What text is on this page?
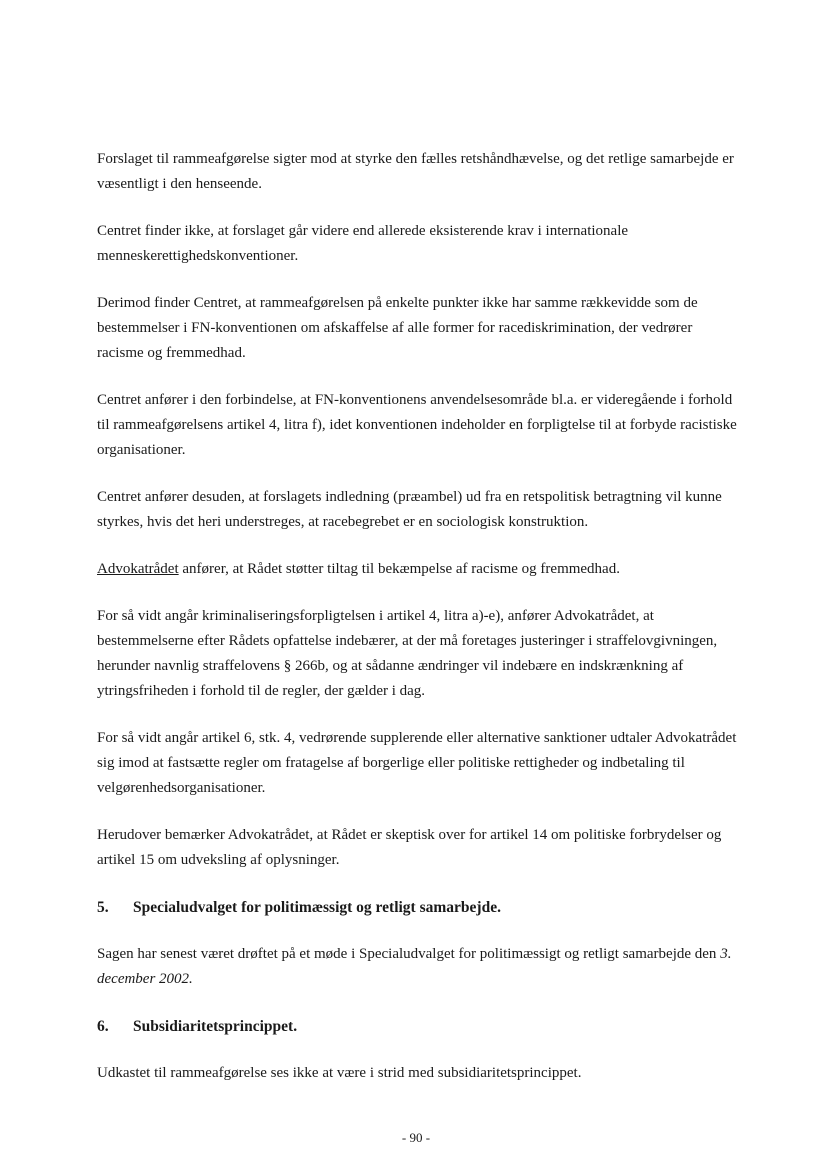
Forslaget til rammeafgørelse sigter mod at styrke den fælles retshåndhævelse, og det retlige samarbejde er væsentligt i den henseende.

Centret finder ikke, at forslaget går videre end allerede eksisterende krav i internationale menneskerettighedskonventioner.

Derimod finder Centret, at rammeafgørelsen på enkelte punkter ikke har samme rækkevidde som de bestemmelser i FN-konventionen om afskaffelse af alle former for racediskrimination, der vedrører racisme og fremmedhad.

Centret anfører i den forbindelse, at FN-konventionens anvendelsesområde bl.a. er videregående i forhold til rammeafgørelsens artikel 4, litra f), idet konventionen indeholder en forpligtelse til at forbyde racistiske organisationer.

Centret anfører desuden, at forslagets indledning (præambel) ud fra en retspolitisk betragtning vil kunne styrkes, hvis det heri understreges, at racebegrebet er en sociologisk konstruktion.

Advokatrådet anfører, at Rådet støtter tiltag til bekæmpelse af racisme og fremmedhad.

For så vidt angår kriminaliseringsforpligtelsen i artikel 4, litra a)-e), anfører Advokatrådet, at bestemmelserne efter Rådets opfattelse indebærer, at der må foretages justeringer i straffelovgivningen, herunder navnlig straffelovens § 266b, og at sådanne ændringer vil indebære en indskrænkning af ytringsfriheden i forhold til de regler, der gælder i dag.

For så vidt angår artikel 6, stk. 4, vedrørende supplerende eller alternative sanktioner udtaler Advokatrådet sig imod at fastsætte regler om fratagelse af borgerlige eller politiske rettigheder og indbetaling til velgørenhedsorganisationer.

Herudover bemærker Advokatrådet, at Rådet er skeptisk over for artikel 14 om politiske forbrydelser og artikel 15 om udveksling af oplysninger.

5.	Specialudvalget for politimæssigt og retligt samarbejde.

Sagen har senest været drøftet på et møde i Specialudvalget for politimæssigt og retligt samarbejde den 3. december 2002.

6.	Subsidiaritetsprincippet.

Udkastet til rammeafgørelse ses ikke at være i strid med subsidiaritetsprincippet.

- 90 -
